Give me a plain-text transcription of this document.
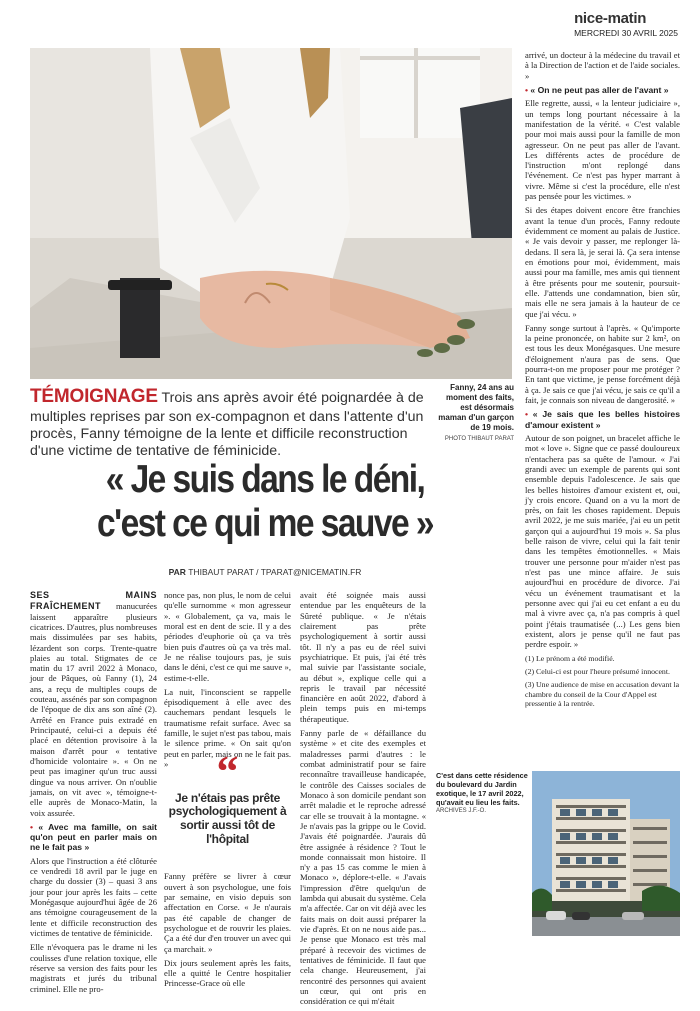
nice-matin
MERCREDI 30 AVRIL 2025
Fanny, 24 ans au moment des faits, est désormais maman d'un garçon de 19 mois.
PHOTO THIBAUT PARAT
TÉMOIGNAGE Trois ans après avoir été poignardée à de multiples reprises par son ex-compagnon et dans l'attente d'un procès, Fanny témoigne de la lente et difficile reconstruction d'une victime de tentative de féminicide.
« Je suis dans le déni,
c'est ce qui me sauve »
PAR THIBAUT PARAT / TPARAT@NICEMATIN.FR

SES MAINS FRAÎCHEMENT manucurées laissent apparaître plusieurs cicatrices. D'autres, plus nombreuses mais dissimulées par ses habits, lézardent son corps. Trente-quatre plaies au total. Stigmates de ce matin du 17 avril 2022 à Monaco, jour de Pâques, où Fanny (1), 24 ans, a reçu de multiples coups de couteau, assénés par son compagnon de l'époque de dix ans son aîné (2). Arrêté en France puis extradé en Principauté, celui-ci a depuis été placé en détention provisoire à la maison d'arrêt pour « tentative d'homicide volontaire ». « On ne peut pas imaginer qu'un truc aussi dingue va nous arriver. On n'oublie jamais, on vit avec », témoigne-t-elle auprès de Monaco-Matin, la voix assurée.

• « Avec ma famille, on sait qu'on peut en parler mais on ne le fait pas »

Alors que l'instruction a été clôturée ce vendredi 18 avril par le juge en charge du dossier (3) – quasi 3 ans jour pour jour après les faits – cette Monégasque aujourd'hui âgée de 26 ans témoigne courageusement de la lente et difficile reconstruction des victimes de tentative de féminicide.

Elle n'évoquera pas le drame ni les coulisses d'une relation toxique, elle réserve sa version des faits pour les magistrats et jurés du tribunal criminel. Elle ne pro-

nonce pas, non plus, le nom de celui qu'elle surnomme « mon agresseur ». « Globalement, ça va, mais le moral est en dent de scie. Il y a des périodes d'euphorie où ça va très bien puis d'autres où ça va très mal. Je ne réalise toujours pas, je suis dans le déni, c'est ce qui me sauve », estime-t-elle.

La nuit, l'inconscient se rappelle épisodiquement à elle avec des cauchemars pendant lesquels le traumatisme refait surface. Avec sa famille, le sujet n'est pas tabou, mais le silence prime. « On sait qu'on peut en parler, mais on ne le fait pas. »

Fanny préfère se livrer à cœur ouvert à son psychologue, une fois par semaine, en visio depuis son affectation en Corse. « Je n'aurais pas été capable de changer de psychologue et de rouvrir les plaies. Ça a été dur d'en trouver un avec qui ça marchait. »

Dix jours seulement après les faits, elle a quitté le Centre hospitalier Princesse-Grace où elle

“
Je n'étais pas prête psychologiquement à sortir aussi tôt de l'hôpital

avait été soignée mais aussi entendue par les enquêteurs de la Sûreté publique. « Je n'étais clairement pas prête psychologiquement à sortir aussi tôt. Il n'y a pas eu de réel suivi psychiatrique. Et puis, j'ai été très mal suivie par l'assistante sociale, au début », explique celle qui a repris le travail par nécessité financière en août 2022, d'abord à plein temps puis en mi-temps thérapeutique.

Fanny parle de « défaillance du système » et cite des exemples et maladresses parmi d'autres : le combat administratif pour se faire reconnaître travailleuse handicapée, le contrôle des Caisses sociales de Monaco à son domicile pendant son arrêt maladie et le reproche adressé car elle se trouvait à la montagne. « Je n'avais pas la grippe ou le Covid. J'avais été poignardée. J'aurais dû être assignée à résidence ? Tout le monde connaissait mon histoire. Il n'y a pas 15 cas comme le mien à Monaco », déplore-t-elle. « J'avais l'impression d'être quelqu'un de lambda qui abusait du système. Cela m'a affectée. Car on vit déjà avec les faits mais on doit aussi préparer la vie d'après. Et on ne nous aide pas... Je pense que Monaco est très mal préparé à recevoir des victimes de tentatives de féminicide. Il faut que cela change. Heureusement, j'ai rencontré des personnes qui avaient un cœur, qui ont pris en considération ce qui m'était

arrivé, un docteur à la médecine du travail et à la Direction de l'action et de l'aide sociales. »

• « On ne peut pas aller de l'avant »

Elle regrette, aussi, « la lenteur judiciaire », un temps long pourtant nécessaire à la manifestation de la vérité. « C'est valable pour moi mais aussi pour la famille de mon agresseur. On ne peut pas aller de l'avant. Les différents actes de procédure de l'instruction m'ont replongé dans l'événement. Ce n'est pas hyper marrant à vivre. Même si c'est la procédure, elle n'est pas pensée pour les victimes. »

Si des étapes doivent encore être franchies avant la tenue d'un procès, Fanny redoute évidemment ce moment au palais de Justice. « Je vais devoir y passer, me replonger là-dedans. Il sera là, je serai là. Ça sera intense en émotions pour moi, évidemment, mais aussi pour ma famille, mes amis qui tiennent à être présents pour me soutenir, poursuit-elle. J'attends une condamnation, bien sûr, mais elle ne sera jamais à la hauteur de ce que j'ai vécu. »

Fanny songe surtout à l'après. « Qu'importe la peine prononcée, on habite sur 2 km², on est tous les deux Monégasques. Une mesure d'éloignement n'aura pas de sens. Que pourra-t-on me proposer pour me protéger ? En tant que victime, je pense forcément déjà à ça. Je sais ce que j'ai vécu, je sais ce qu'il a fait, je connais son niveau de dangerosité. »

• « Je sais que les belles histoires d'amour existent »

Autour de son poignet, un bracelet affiche le mot « love ». Signe que ce passé douloureux n'entachera pas sa quête de l'amour. « J'ai grandi avec un exemple de parents qui sont ensemble depuis l'adolescence. Je sais que les belles histoires d'amour existent et, oui, j'y crois encore. Quand on a vu la mort de près, on fait les choses rapidement. Depuis avril 2022, je me suis mariée, j'ai eu un petit garçon qui a aujourd'hui 19 mois ». Sa plus belle raison de vivre, celui qui la fait tenir dans les tempêtes émotionnelles. « Mais trouver une personne pour m'aider n'est pas n'est pas une mince affaire. Je suis aujourd'hui en procédure de divorce. J'ai vécu un événement traumatisant et la personne avec qui j'ai eu cet enfant a eu du mal à vivre avec ça, n'a pas compris à quel point j'étais traumatisée (...) Les gens bien existent, alors je pense qu'il ne faut pas perdre espoir. »

(1) Le prénom a été modifié.

(2) Celui-ci est pour l'heure présumé innocent.

(3) Une audience de mise en accusation devant la chambre du conseil de la Cour d'Appel est pressentie à la rentrée.

C'est dans cette résidence du boulevard du Jardin exotique, le 17 avril 2022, qu'avait eu lieu les faits.
ARCHIVES J.F.-O.
